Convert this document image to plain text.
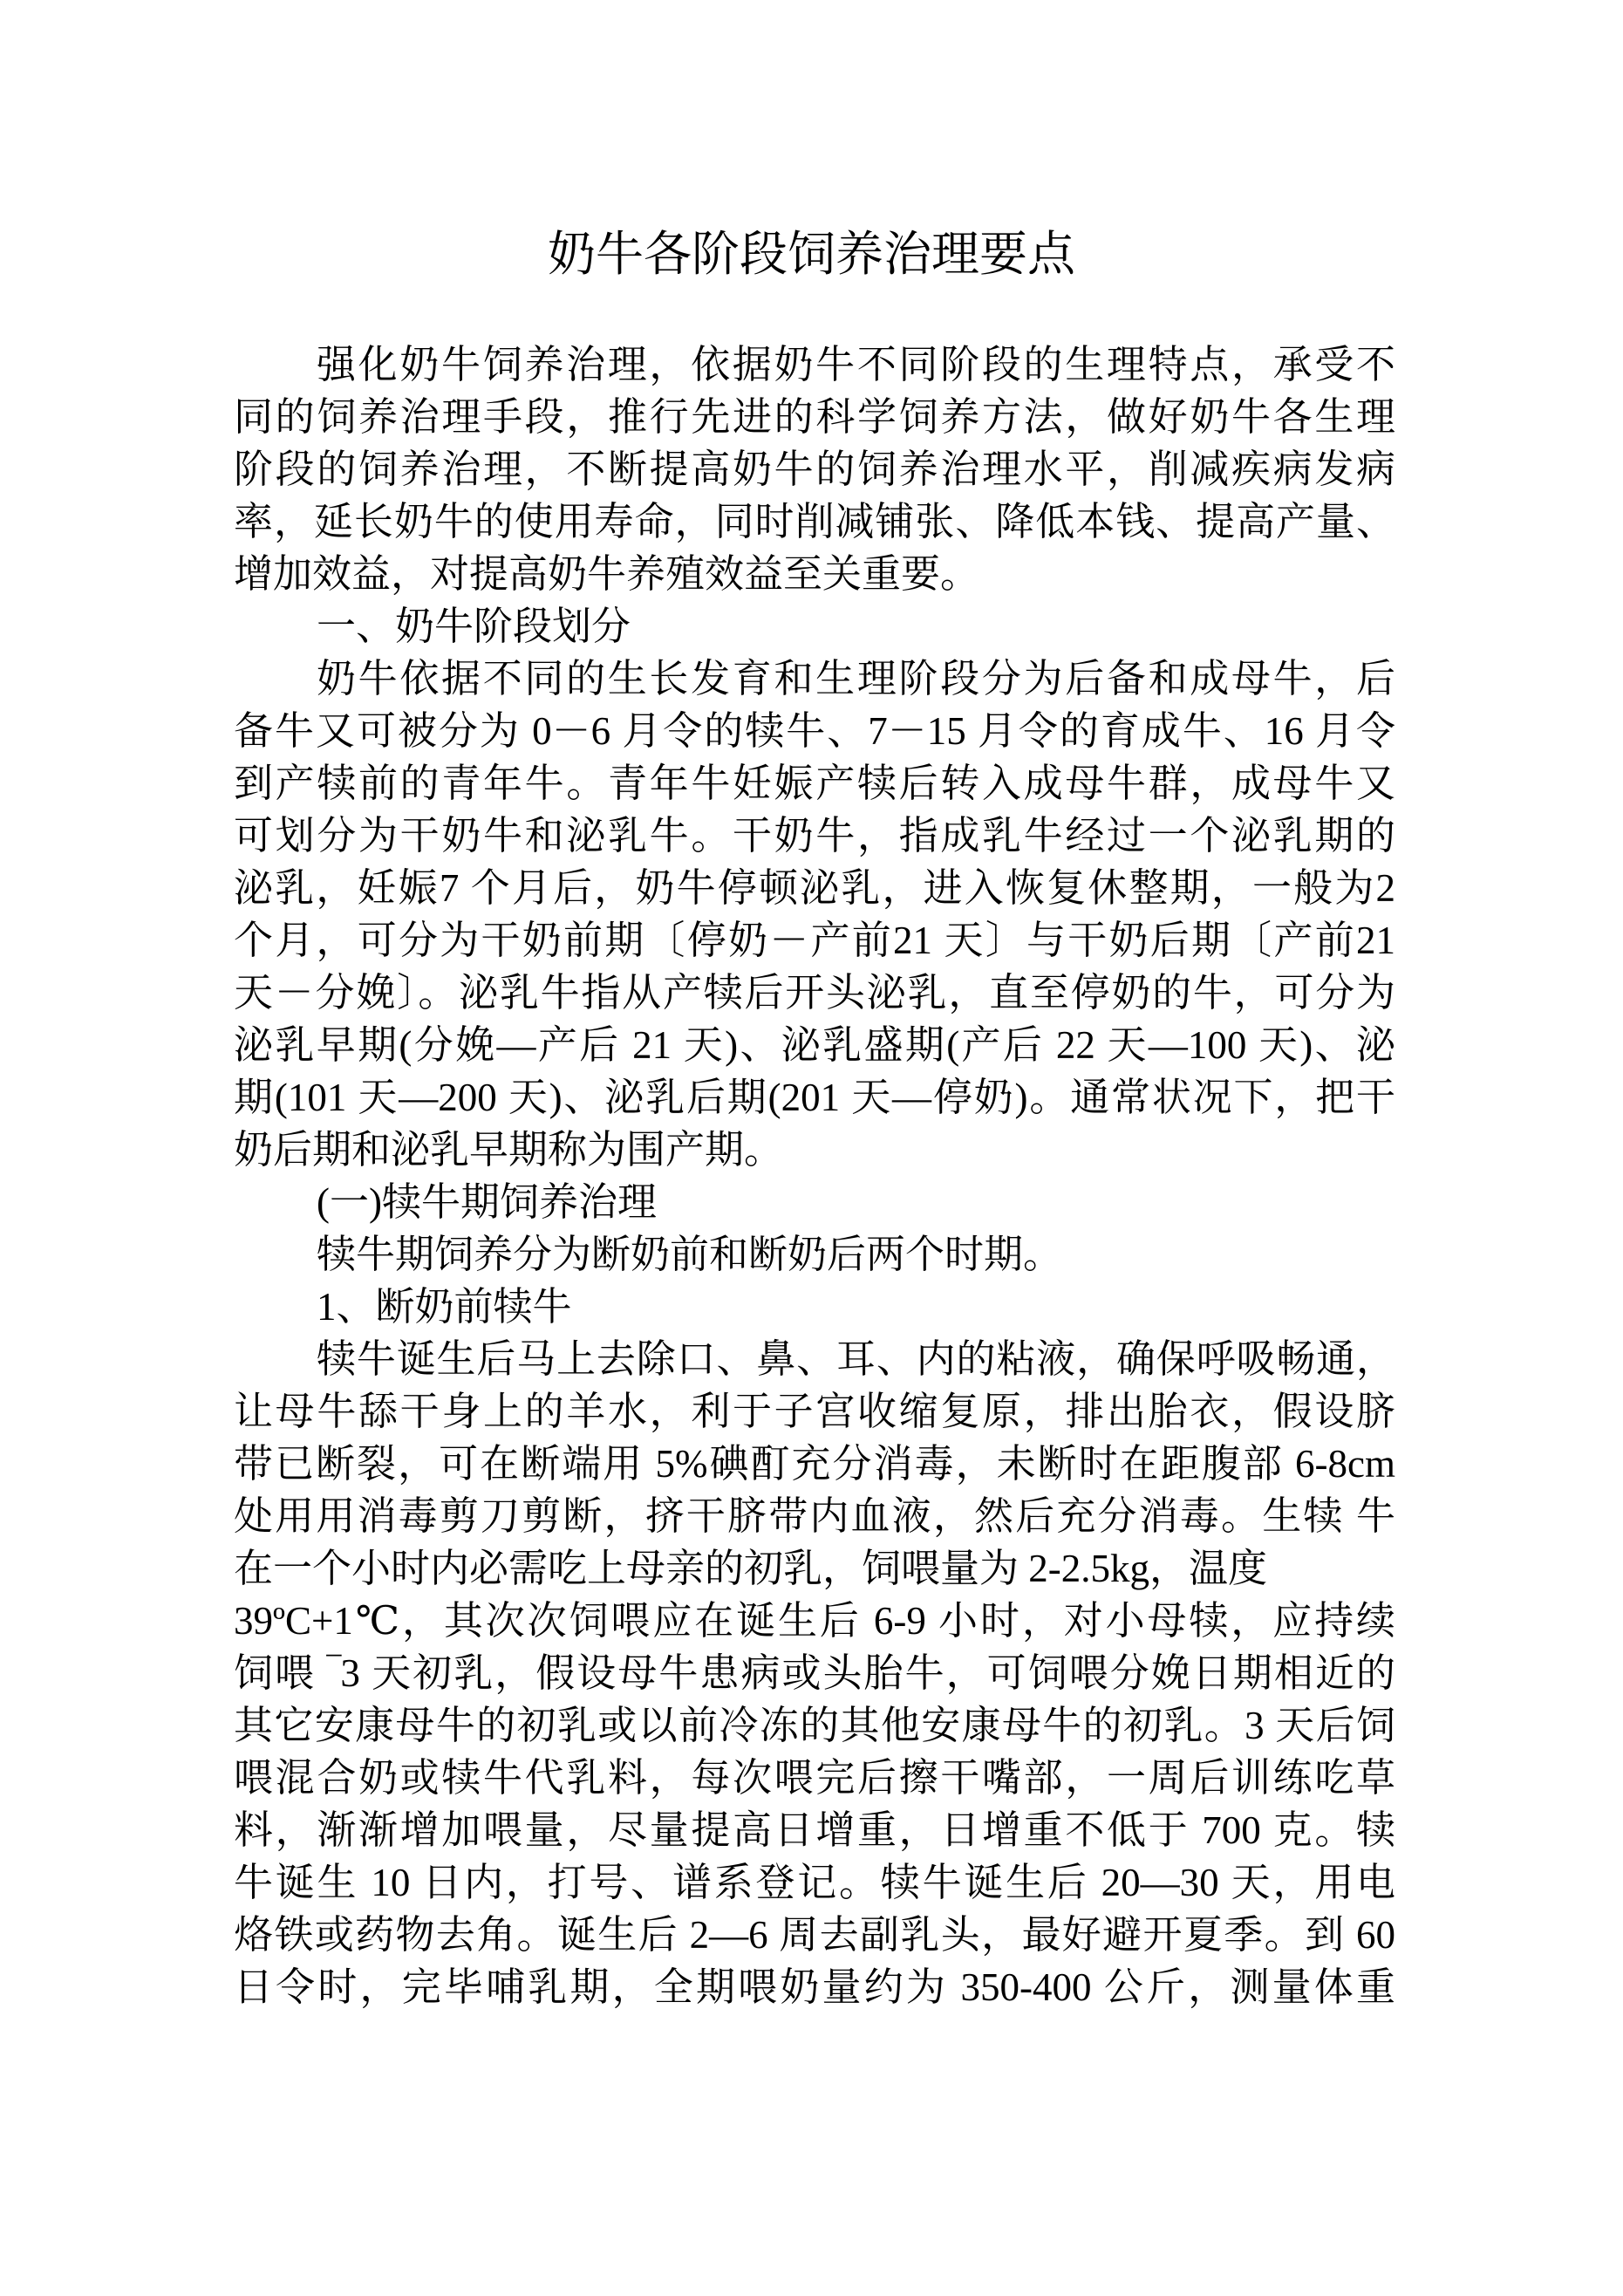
奶牛各阶段饲养治理要点
强化奶牛饲养治理，依据奶牛不同阶段的生理特点，承受不
同的饲养治理手段，推行先进的科学饲养方法，做好奶牛各生理
阶段的饲养治理，不断提高奶牛的饲养治理水平，削减疾病发病
率，延长奶牛的使用寿命，同时削减铺张、降低本钱、提高产量、
增加效益，对提高奶牛养殖效益至关重要。
一、奶牛阶段划分
奶牛依据不同的生长发育和生理阶段分为后备和成母牛，后
备牛又可被分为 0－6 月令的犊牛、7－15 月令的育成牛、16 月令
到产犊前的青年牛。青年牛妊娠产犊后转入成母牛群，成母牛又
可划分为干奶牛和泌乳牛。干奶牛，指成乳牛经过一个泌乳期的
泌乳，妊娠7 个月后，奶牛停顿泌乳，进入恢复休整期，一般为2
个月，可分为干奶前期〔停奶－产前21 天〕与干奶后期〔产前21
天－分娩〕。泌乳牛指从产犊后开头泌乳，直至停奶的牛，可分为
泌乳早期(分娩—产后 21 天)、泌乳盛期(产后 22 天—100 天)、泌
期(101 天—200 天)、泌乳后期(201 天—停奶)。通常状况下，把干
奶后期和泌乳早期称为围产期。
(一)犊牛期饲养治理
犊牛期饲养分为断奶前和断奶后两个时期。
1、断奶前犊牛
犊牛诞生后马上去除口、鼻、耳、内的粘液，确保呼吸畅通，
让母牛舔干身上的羊水，利于子宫收缩复原，排出胎衣，假设脐
带已断裂，可在断端用 5%碘酊充分消毒，未断时在距腹部 6-8cm
处用用消毒剪刀剪断，挤干脐带内血液，然后充分消毒。生犊 牛
在一个小时内必需吃上母亲的初乳，饲喂量为 2-2.5kg，温度
39ºC+1℃，其次次饲喂应在诞生后 6-9 小时，对小母犊，应持续
饲喂 ‾3 天初乳，假设母牛患病或头胎牛，可饲喂分娩日期相近的
其它安康母牛的初乳或以前冷冻的其他安康母牛的初乳。3 天后饲
喂混合奶或犊牛代乳料，每次喂完后擦干嘴部，一周后训练吃草
料，渐渐增加喂量，尽量提高日增重，日增重不低于 700 克。犊
牛诞生 10 日内，打号、谱系登记。犊牛诞生后 20—30 天，用电
烙铁或药物去角。诞生后 2—6 周去副乳头，最好避开夏季。到 60
日令时，完毕哺乳期，全期喂奶量约为 350-400 公斤，测量体重
